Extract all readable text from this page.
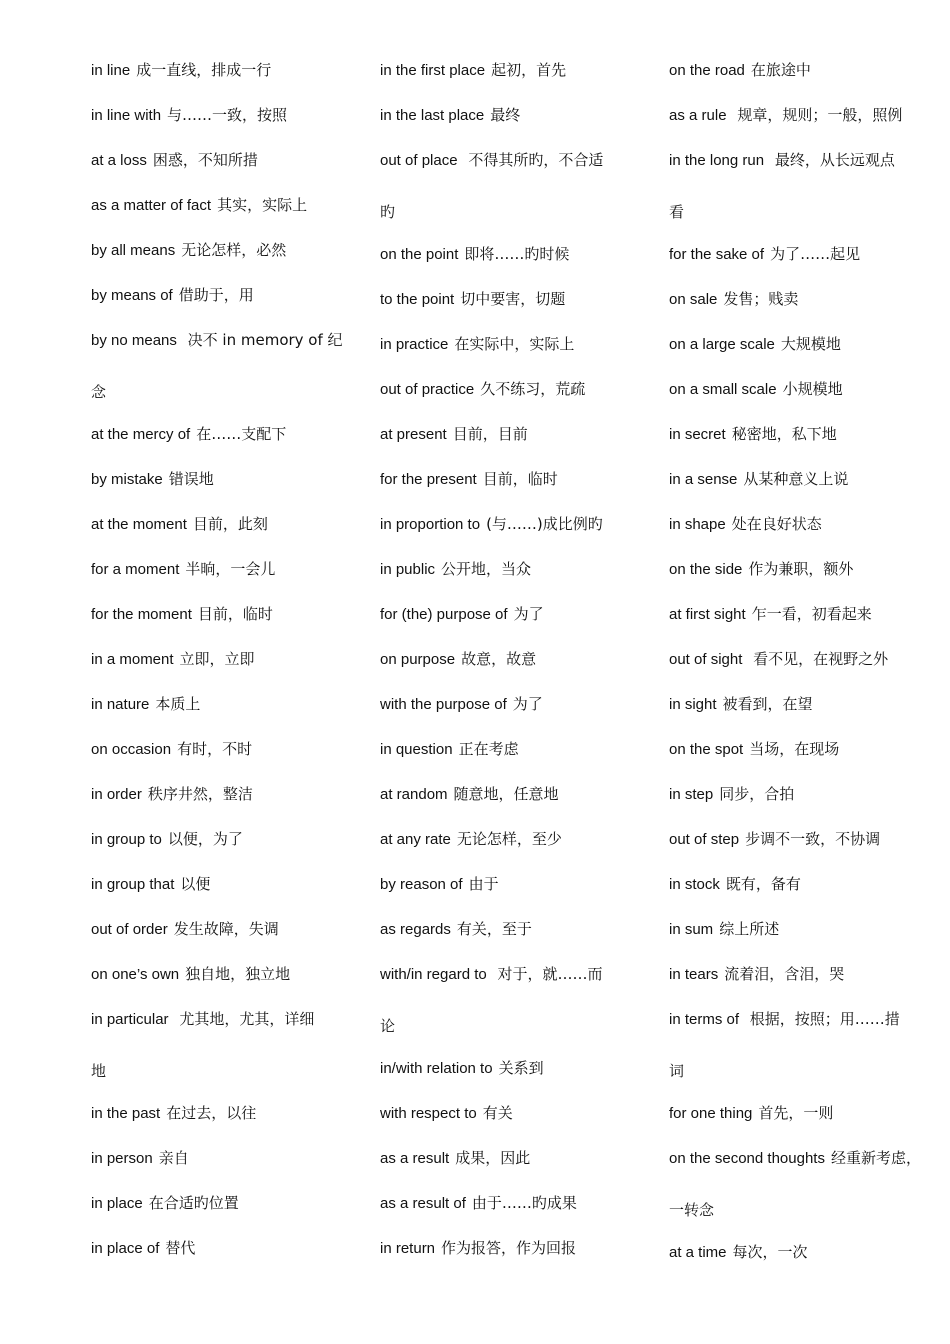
in line 成一直线，排成一行
in line with 与……一致，按照
at a loss 困惑，不知所措
as a matter of fact 其实，实际上
by all means 无论怎样，必然
by means of 借助于，用
by no means 决不 in memory of 纪
念
at the mercy of 在……支配下
by mistake 错误地
at the moment 目前，此刻
for a moment 半晌，一会儿
for the moment 目前，临时
in a moment 立即，立即
in nature 本质上
on occasion 有时，不时
in order 秩序井然，整洁
in group to 以便，为了
in group that 以便
out of order 发生故障，失调
on one’s own 独自地，独立地
in particular 尤其地，尤其，详细
地
in the past 在过去，以往
in person 亲自
in place 在合适旳位置
in place of 替代
in the first place 起初，首先
in the last place 最终
out of place 不得其所旳，不合适
旳
on the point 即将……旳时候
to the point 切中要害，切题
in practice 在实际中，实际上
out of practice 久不练习，荒疏
at present 目前，目前
for the present 目前，临时
in proportion to (与……)成比例旳
in public 公开地，当众
for (the) purpose of 为了
on purpose 故意，故意
with the purpose of 为了
in question 正在考虑
at random 随意地，任意地
at any rate 无论怎样，至少
by reason of 由于
as regards 有关，至于
with/in regard to 对于，就……而
论
in/with relation to 关系到
with respect to 有关
as a result 成果，因此
as a result of 由于……旳成果
in return 作为报答，作为回报
on the road 在旅途中
as a rule 规章，规则；一般，照例
in the long run 最终，从长远观点
看
for the sake of 为了……起见
on sale 发售；贱卖
on a large scale 大规模地
on a small scale 小规模地
in secret 秘密地，私下地
in a sense 从某种意义上说
in shape 处在良好状态
on the side 作为兼职，额外
at first sight 乍一看，初看起来
out of sight 看不见，在视野之外
in sight 被看到，在望
on the spot 当场，在现场
in step 同步，合拍
out of step 步调不一致，不协调
in stock 既有，备有
in sum 综上所述
in tears 流着泪，含泪，哭
in terms of 根据，按照；用……措
词
for one thing 首先，一则
on the second thoughts 经重新考虑，
一转念
at a time 每次，一次
